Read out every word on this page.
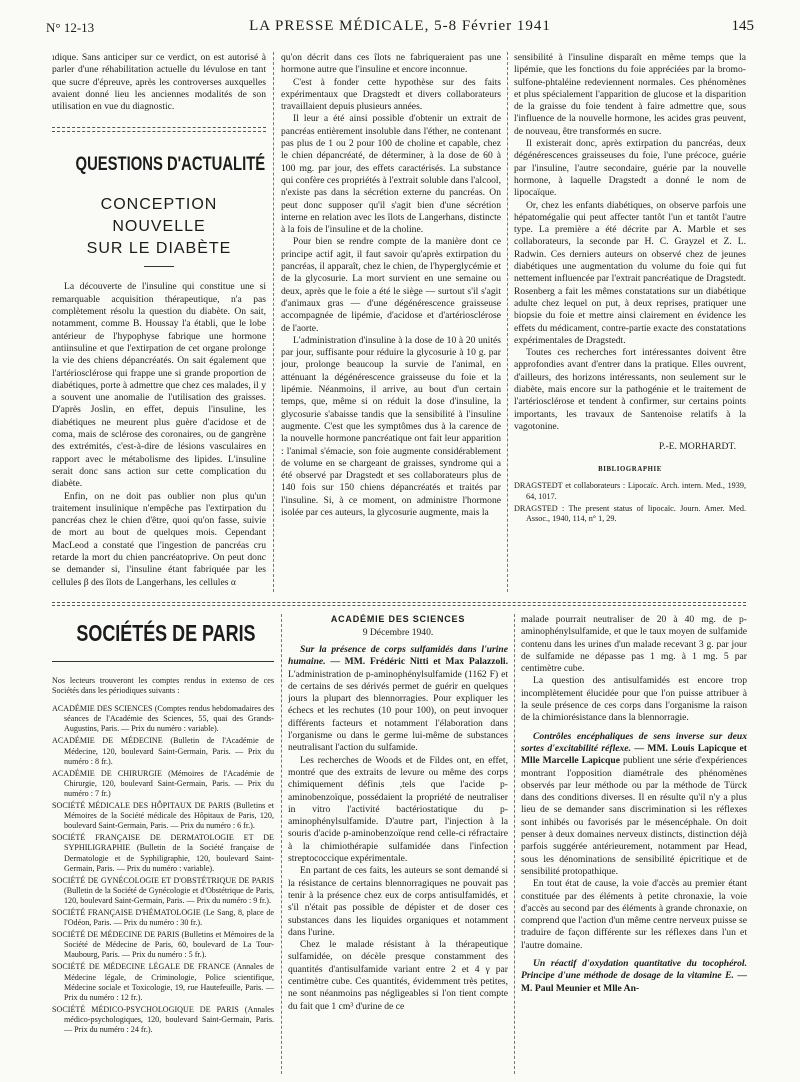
N° 12-13	LA PRESSE MÉDICALE, 5-8 Février 1941	145

ıdique. Sans anticiper sur ce verdict, on est autorisé à parler d'une réhabilitation actuelle du lévulose en tant que sucre d'épreuve, après les controverses auxquelles avaient donné lieu les anciennes modalités de son utilisation en vue du diagnostic.

QUESTIONS D'ACTUALITÉ
CONCEPTION NOUVELLE
SUR LE DIABÈTE

La découverte de l'insuline qui constitue une si remarquable acquisition thérapeutique, n'a pas complètement résolu la question du diabète. On sait, notamment, comme B. Houssay l'a établi, que le lobe antérieur de l'hypophyse fabrique une hormone antiinsuline et que l'extirpation de cet organe prolonge la vie des chiens dépancréatés. On sait également que l'artériosclérose qui frappe une si grande proportion de diabétiques, porte à admettre que chez ces malades, il y a souvent une anomalie de l'utilisation des graisses. D'après Joslin, en effet, depuis l'insuline, les diabétiques ne meurent plus guère d'acidose et de coma, mais de sclérose des coronaires, ou de gangrène des extrémités, c'est-à-dire de lésions vasculaires en rapport avec le métabolisme des lipides. L'insuline serait donc sans action sur cette complication du diabète.

Enfin, on ne doit pas oublier non plus qu'un traitement insulinique n'empêche pas l'extirpation du pancréas chez le chien d'être, quoi qu'on fasse, suivie de mort au bout de quelques mois. Cependant MacLeod a constaté que l'ingestion de pancréas cru retarde la mort du chien pancréatoprive. On peut donc se demander si, l'insuline étant fabriquée par les cellules β des îlots de Langerhans, les cellules α

qu'on décrit dans ces îlots ne fabriqueraient pas une hormone autre que l'insuline et encore inconnue.

C'est à fonder cette hypothèse sur des faits expérimentaux que Dragstedt et divers collaborateurs travaillaient depuis plusieurs années.

Il leur a été ainsi possible d'obtenir un extrait de pancréas entièrement insoluble dans l'éther, ne contenant pas plus de 1 ou 2 pour 100 de choline et capable, chez le chien dépancréaté, de déterminer, à la dose de 60 à 100 mg. par jour, des effets caractérisés. La substance qui confère ces propriétés à l'extrait soluble dans l'alcool, n'existe pas dans la sécrétion externe du pancréas. On peut donc supposer qu'il s'agit bien d'une sécrétion interne en relation avec les îlots de Langerhans, distincte à la fois de l'insuline et de la choline.

Pour bien se rendre compte de la manière dont ce principe actif agit, il faut savoir qu'après extirpation du pancréas, il apparaît, chez le chien, de l'hyperglycémie et de la glycosurie. La mort survient en une semaine ou deux, après que le foie a été le siège — surtout s'il s'agit d'animaux gras — d'une dégénérescence graisseuse accompagnée de lipémie, d'acidose et d'artériosclérose de l'aorte.

L'administration d'insuline à la dose de 10 à 20 unités par jour, suffisante pour réduire la glycosurie à 10 g. par jour, prolonge beaucoup la survie de l'animal, en atténuant la dégénérescence graisseuse du foie et la lipémie. Néanmoins, il arrive, au bout d'un certain temps, que, même si on réduit la dose d'insuline, la glycosurie s'abaisse tandis que la sensibilité à l'insuline augmente. C'est que les symptômes dus à la carence de la nouvelle hormone pancréatique ont fait leur apparition : l'animal s'émacie, son foie augmente considérablement de volume en se chargeant de graisses, syndrome qui a été observé par Dragstedt et ses collaborateurs plus de 140 fois sur 150 chiens dépancréatés et traités par l'insuline. Si, à ce moment, on administre l'hormone isolée par ces auteurs, la glycosurie augmente, mais la

sensibilité à l'insuline disparaît en même temps que la lipémie, que les fonctions du foie appréciées par la bromo-sulfone-phtaléine redeviennent normales. Ces phénomènes et plus spécialement l'apparition de glucose et la disparition de la graisse du foie tendent à faire admettre que, sous l'influence de la nouvelle hormone, les acides gras peuvent, de nouveau, être transformés en sucre.

Il existerait donc, après extirpation du pancréas, deux dégénérescences graisseuses du foie, l'une précoce, guérie par l'insuline, l'autre secondaire, guérie par la nouvelle hormone, à laquelle Dragstedt a donné le nom de lipocaïque.

Or, chez les enfants diabétiques, on observe parfois une hépatomégalie qui peut affecter tantôt l'un et tantôt l'autre type. La première a été décrite par A. Marble et ses collaborateurs, la seconde par H. C. Grayzel et Z. L. Radwin. Ces derniers auteurs on observé chez de jeunes diabétiques une augmentation du volume du foie qui fut nettement influencée par l'extrait pancréatique de Dragstedt. Rosenberg a fait les mêmes constatations sur un diabétique adulte chez lequel on put, à deux reprises, pratiquer une biopsie du foie et mettre ainsi clairement en évidence les effets du médicament, contre-partie exacte des constatations expérimentales de Dragstedt.

Toutes ces recherches fort intéressantes doivent être approfondies avant d'entrer dans la pratique. Elles ouvrent, d'ailleurs, des horizons intéressants, non seulement sur le diabète, mais encore sur la pathogénie et le traitement de l'artériosclérose et tendent à confirmer, sur certains points importants, les travaux de Santenoise relatifs à la vagotonine.

P.-E. MORHARDT.
BIBLIOGRAPHIE

DRAGSTEDT et collaborateurs : Lipocaïc. Arch. intern. Med., 1939, 64, 1017.

DRAGSTED : The present status of lipocaïc. Journ. Amer. Med. Assoc., 1940, 114, n° 1, 29.

SOCIÉTÉS DE PARIS

Nos lecteurs trouveront les comptes rendus in extenso de ces Sociétés dans les périodiques suivants :

ACADÉMIE DES SCIENCES (Comptes rendus hebdomadaires des séances de l'Académie des Sciences, 55, quai des Grands-Augustins, Paris. — Prix du numéro : variable).

ACADÉMIE DE MÉDECINE (Bulletin de l'Académie de Médecine, 120, boulevard Saint-Germain, Paris. — Prix du numéro : 8 fr.).

ACADÉMIE DE CHIRURGIE (Mémoires de l'Académie de Chirurgie, 120, boulevard Saint-Germain, Paris. — Prix du numéro : 7 fr.)

SOCIÉTÉ MÉDICALE DES HÔPITAUX DE PARIS (Bulletins et Mémoires de la Société médicale des Hôpitaux de Paris, 120, boulevard Saint-Germain, Paris. — Prix du numéro : 6 fr.).

SOCIÉTÉ FRANÇAISE DE DERMATOLOGIE ET DE SYPHILIGRAPHIE (Bulletin de la Société française de Dermatologie et de Syphiligraphie, 120, boulevard Saint-Germain, Paris. — Prix du numéro : variable).

SOCIÉTÉ DE GYNÉCOLOGIE ET D'OBSTÉTRIQUE DE PARIS (Bulletin de la Société de Gynécologie et d'Obstétrique de Paris, 120, boulevard Saint-Germain, Paris. — Prix du numéro : 9 fr.).

SOCIÉTÉ FRANÇAISE D'HÉMATOLOGIE (Le Sang, 8, place de l'Odéon, Paris. — Prix du numéro : 30 fr.).

SOCIÉTÉ DE MÉDECINE DE PARIS (Bulletins et Mémoires de la Société de Médecine de Paris, 60, boulevard de La Tour-Maubourg, Paris. — Prix du numéro : 5 fr.).

SOCIÉTÉ DE MÉDECINE LÉGALE DE FRANCE (Annales de Médecine légale, de Criminologie, Police scientifique, Médecine sociale et Toxicologie, 19, rue Hautefeuille, Paris. — Prix du numéro : 12 fr.).

SOCIÉTÉ MÉDICO-PSYCHOLOGIQUE DE PARIS (Annales médico-psychologiques, 120, boulevard Saint-Germain, Paris. — Prix du numéro : 24 fr.).

ACADÉMIE DES SCIENCES
9 Décembre 1940.

Sur la présence de corps sulfamidés dans l'urine humaine. — MM. Frédéric Nitti et Max Palazzoli. L'administration de p-aminophénylsulfamide (1162 F) et de certains de ses dérivés permet de guérir en quelques jours la plupart des blennorragies. Pour expliquer les échecs et les rechutes (10 pour 100), on peut invoquer différents facteurs et notamment l'élaboration dans l'organisme ou dans le germe lui-même de substances neutralisant l'action du sulfamide.

Les recherches de Woods et de Fildes ont, en effet, montré que des extraits de levure ou même des corps chimiquement définis ,tels que l'acide p-aminobenzoïque, possédaient la propriété de neutraliser in vitro l'activité bactériostatique du p-aminophénylsulfamide. D'autre part, l'injection à la souris d'acide p-aminobenzoïque rend celle-ci réfractaire à la chimiothérapie sulfamidée dans l'infection streptococcique expérimentale.

En partant de ces faits, les auteurs se sont demandé si la résistance de certains blennorragiques ne pouvait pas tenir à la présence chez eux de corps antisulfamidés, et s'il n'était pas possible de dépister et de doser ces substances dans les liquides organiques et notamment dans l'urine.

Chez le malade résistant à la thérapeutique sulfamidée, on décèle presque constamment des quantités d'antisulfamide variant entre 2 et 4 γ par centimètre cube. Ces quantités, évidemment très petites, ne sont néanmoins pas négligeables si l'on tient compte du fait que 1 cm³ d'urine de ce

malade pourrait neutraliser de 20 à 40 mg. de p-aminophénylsulfamide, et que le taux moyen de sulfamide contenu dans les urines d'un malade recevant 3 g. par jour de sulfamide ne dépasse pas 1 mg. à 1 mg. 5 par centimètre cube.

La question des antisulfamidés est encore trop incomplètement élucidée pour que l'on puisse attribuer à la seule présence de ces corps dans l'organisme la raison de la chimiorésistance dans la blennorragie.

Contrôles encéphaliques de sens inverse sur deux sortes d'excitabilité réflexe. — MM. Louis Lapicque et Mlle Marcelle Lapicque publient une série d'expériences montrant l'opposition diamétrale des phénomènes observés par leur méthode ou par la méthode de Türck dans des conditions diverses. Il en résulte qu'il n'y a plus lieu de se demander sans discrimination si les réflexes sont inhibés ou favorisés par le mésencéphale. On doit penser à deux domaines nerveux distincts, distinction déjà parfois suggérée antérieurement, notamment par Head, sous les dénominations de sensibilité épicritique et de sensibilité protopathique.

En tout état de cause, la voie d'accès au premier étant constituée par des éléments à petite chronaxie, la voie d'accès au second par des éléments à grande chronaxie, on comprend que l'action d'un même centre nerveux puisse se traduire de façon différente sur les réflexes dans l'un et l'autre domaine.

Un réactif d'oxydation quantitative du tocophérol. Principe d'une méthode de dosage de la vitamine E. — M. Paul Meunier et Mlle An-
